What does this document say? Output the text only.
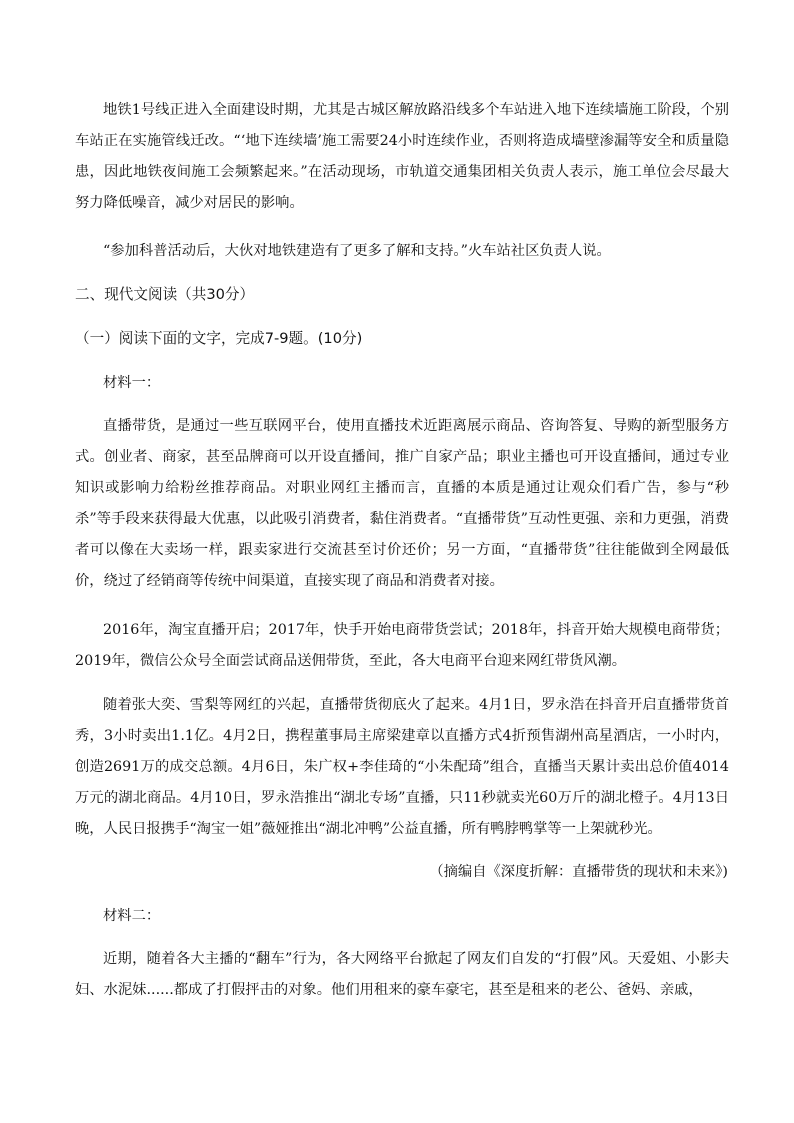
地铁1号线正进入全面建设时期，尤其是古城区解放路沿线多个车站进入地下连续墙施工阶段，个别车站正在实施管线迁改。“‘地下连续墙’施工需要24小时连续作业，否则将造成墙壁渗漏等安全和质量隐患，因此地铁夜间施工会频繁起来。”在活动现场，市轨道交通集团相关负责人表示，施工单位会尽最大努力降低噪音，减少对居民的影响。

“参加科普活动后，大伙对地铁建造有了更多了解和支持。”火车站社区负责人说。

二、现代文阅读（共30分）

（一）阅读下面的文字，完成7-9题。(10分)

材料一：

直播带货，是通过一些互联网平台，使用直播技术近距离展示商品、咨询答复、导购的新型服务方式。创业者、商家，甚至品牌商可以开设直播间，推广自家产品；职业主播也可开设直播间，通过专业知识或影响力给粉丝推荐商品。对职业网红主播而言，直播的本质是通过让观众们看广告，参与“秒杀”等手段来获得最大优惠，以此吸引消费者，黏住消费者。“直播带货”互动性更强、亲和力更强，消费者可以像在大卖场一样，跟卖家进行交流甚至讨价还价；另一方面，“直播带货”往往能做到全网最低价，绕过了经销商等传统中间渠道，直接实现了商品和消费者对接。

2016年，淘宝直播开启；2017年，快手开始电商带货尝试；2018年，抖音开始大规模电商带货；2019年，微信公众号全面尝试商品送佣带货，至此，各大电商平台迎来网红带货风潮。

随着张大奕、雪梨等网红的兴起，直播带货彻底火了起来。4月1日，罗永浩在抖音开启直播带货首秀，3小时卖出1.1亿。4月2日，携程董事局主席梁建章以直播方式4折预售湖州高星酒店，一小时内，创造2691万的成交总额。4月6日，朱广权+李佳琦的“小朱配琦”组合，直播当天累计卖出总价值4014万元的湖北商品。4月10日，罗永浩推出“湖北专场”直播，只11秒就卖光60万斤的湖北橙子。4月13日晚，人民日报携手“淘宝一姐”薇娅推出“湖北冲鸭”公益直播，所有鸭脖鸭掌等一上架就秒光。

（摘编自《深度折解：直播带货的现状和未来》)

材料二：

近期，随着各大主播的“翻车”行为，各大网络平台掀起了网友们自发的“打假”风。天爱姐、小影夫妇、水泥妹......都成了打假抨击的对象。他们用租来的豪车豪宅，甚至是租来的老公、爸妈、亲戚，
